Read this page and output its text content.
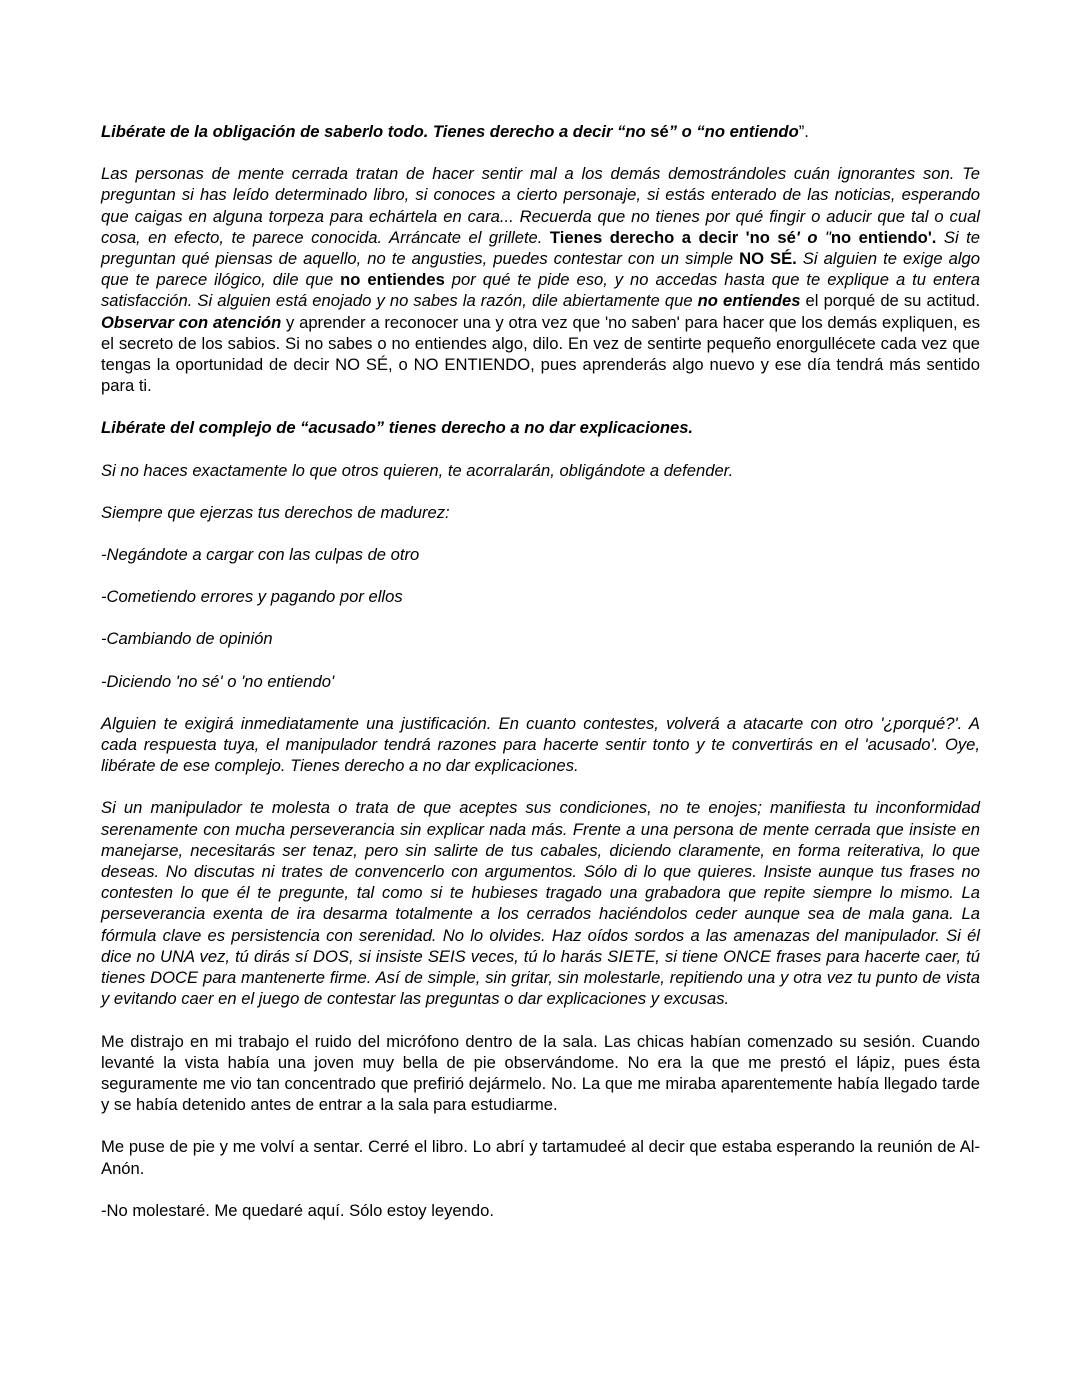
Libérate de la obligación de saberlo todo. Tienes derecho a decir “no sé” o “no entiendo”.

Las personas de mente cerrada tratan de hacer sentir mal a los demás demostrándoles cuán ignorantes son. Te preguntan si has leído determinado libro, si conoces a cierto personaje, si estás enterado de las noticias, esperando que caigas en alguna torpeza para echártela en cara... Recuerda que no tienes por qué fingir o aducir que tal o cual cosa, en efecto, te parece conocida. Arráncate el grillete. Tienes derecho a decir 'no sé' o "no entiendo'. Si te preguntan qué piensas de aquello, no te angusties, puedes contestar con un simple NO SÉ. Si alguien te exige algo que te parece ilógico, dile que no entiendes por qué te pide eso, y no accedas hasta que te explique a tu entera satisfacción. Si alguien está enojado y no sabes la razón, dile abiertamente que no entiendes el porqué de su actitud. Observar con atención y aprender a reconocer una y otra vez que 'no saben' para hacer que los demás expliquen, es el secreto de los sabios. Si no sabes o no entiendes algo, dilo. En vez de sentirte pequeño enorgullécete cada vez que tengas la oportunidad de decir NO SÉ, o NO ENTIENDO, pues aprenderás algo nuevo y ese día tendrá más sentido para ti.

Libérate del complejo de “acusado” tienes derecho a no dar explicaciones.

Si no haces exactamente lo que otros quieren, te acorralarán, obligándote a defender.

Siempre que ejerzas tus derechos de madurez:

-Negándote a cargar con las culpas de otro

-Cometiendo errores y pagando por ellos

-Cambiando de opinión

-Diciendo 'no sé' o 'no entiendo'

Alguien te exigirá inmediatamente una justificación. En cuanto contestes, volverá a atacarte con otro '¿porqué?'. A cada respuesta tuya, el manipulador tendrá razones para hacerte sentir tonto y te convertirás en el 'acusado'. Oye, libérate de ese complejo. Tienes derecho a no dar explicaciones.

Si un manipulador te molesta o trata de que aceptes sus condiciones, no te enojes; manifiesta tu inconformidad serenamente con mucha perseverancia sin explicar nada más. Frente a una persona de mente cerrada que insiste en manejarse, necesitarás ser tenaz, pero sin salirte de tus cabales, diciendo claramente, en forma reiterativa, lo que deseas. No discutas ni trates de convencerlo con argumentos. Sólo di lo que quieres. Insiste aunque tus frases no contesten lo que él te pregunte, tal como si te hubieses tragado una grabadora que repite siempre lo mismo. La perseverancia exenta de ira desarma totalmente a los cerrados haciéndolos ceder aunque sea de mala gana. La fórmula clave es persistencia con serenidad. No lo olvides. Haz oídos sordos a las amenazas del manipulador. Si él dice no UNA vez, tú dirás sí DOS, si insiste SEIS veces, tú lo harás SIETE, si tiene ONCE frases para hacerte caer, tú tienes DOCE para mantenerte firme. Así de simple, sin gritar, sin molestarle, repitiendo una y otra vez tu punto de vista y evitando caer en el juego de contestar las preguntas o dar explicaciones y excusas.

Me distrajo en mi trabajo el ruido del micrófono dentro de la sala. Las chicas habían comenzado su sesión. Cuando levanté la vista había una joven muy bella de pie observándome. No era la que me prestó el lápiz, pues ésta seguramente me vio tan concentrado que prefirió dejármelo. No. La que me miraba aparentemente había llegado tarde y se había detenido antes de entrar a la sala para estudiarme.

Me puse de pie y me volví a sentar. Cerré el libro. Lo abrí y tartamudeé al decir que estaba esperando la reunión de Al-Anón.

-No molestaré. Me quedaré aquí. Sólo estoy leyendo.
